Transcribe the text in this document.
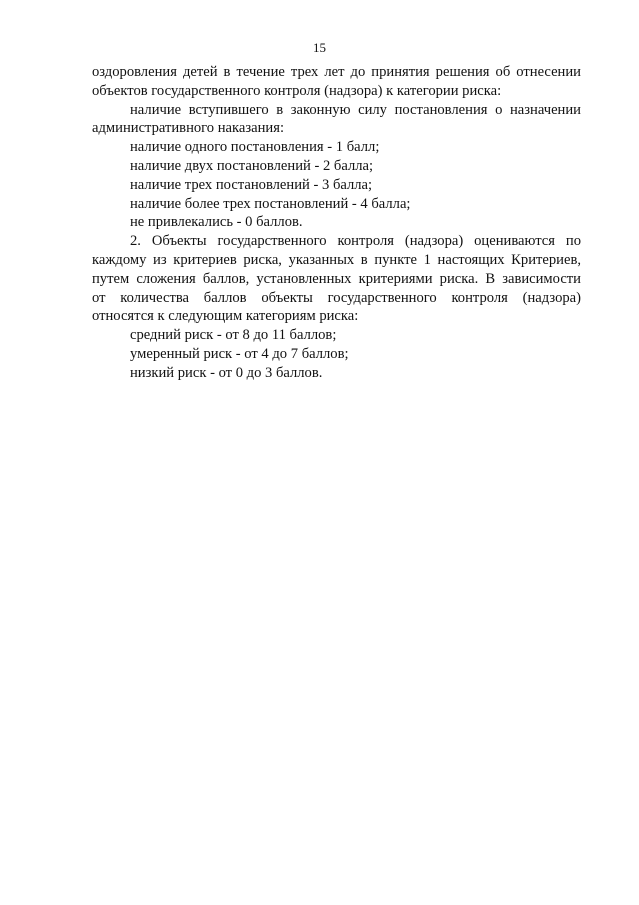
15
оздоровления детей в течение трех лет до принятия решения об отнесении
объектов государственного контроля (надзора) к категории риска:
наличие вступившего в законную силу постановления о назначении
административного наказания:
наличие одного постановления - 1 балл;
наличие двух постановлений - 2 балла;
наличие трех постановлений - 3 балла;
наличие более трех постановлений - 4 балла;
не привлекались - 0 баллов.
2. Объекты государственного контроля (надзора) оцениваются по
каждому из критериев риска, указанных в пункте 1 настоящих Критериев,
путем сложения баллов, установленных критериями риска. В зависимости
от количества баллов объекты государственного контроля (надзора)
относятся к следующим категориям риска:
средний риск - от 8 до 11 баллов;
умеренный риск - от 4 до 7 баллов;
низкий риск - от 0 до 3 баллов.
